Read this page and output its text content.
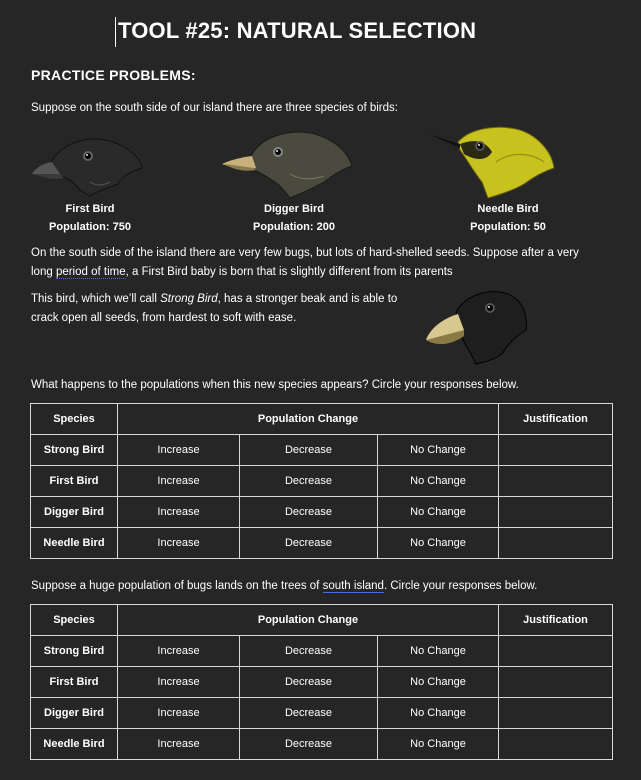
TOOL #25: NATURAL SELECTION
PRACTICE PROBLEMS:
Suppose on the south side of our island there are three species of birds:
First Bird
Population: 750
Digger Bird
Population: 200
Needle Bird
Population: 50
On the south side of the island there are very few bugs, but lots of hard-shelled seeds. Suppose after a very long period of time, a First Bird baby is born that is slightly different from its parents
This bird, which we’ll call Strong Bird, has a stronger beak and is able to crack open all seeds, from hardest to soft with ease.
What happens to the populations when this new species appears? Circle your responses below.
Species	Population Change			Justification
Strong Bird	Increase	Decrease	No Change	
First Bird	Increase	Decrease	No Change	
Digger Bird	Increase	Decrease	No Change	
Needle Bird	Increase	Decrease	No Change	
Suppose a huge population of bugs lands on the trees of south island. Circle your responses below.
Species	Population Change			Justification
Strong Bird	Increase	Decrease	No Change	
First Bird	Increase	Decrease	No Change	
Digger Bird	Increase	Decrease	No Change	
Needle Bird	Increase	Decrease	No Change	
